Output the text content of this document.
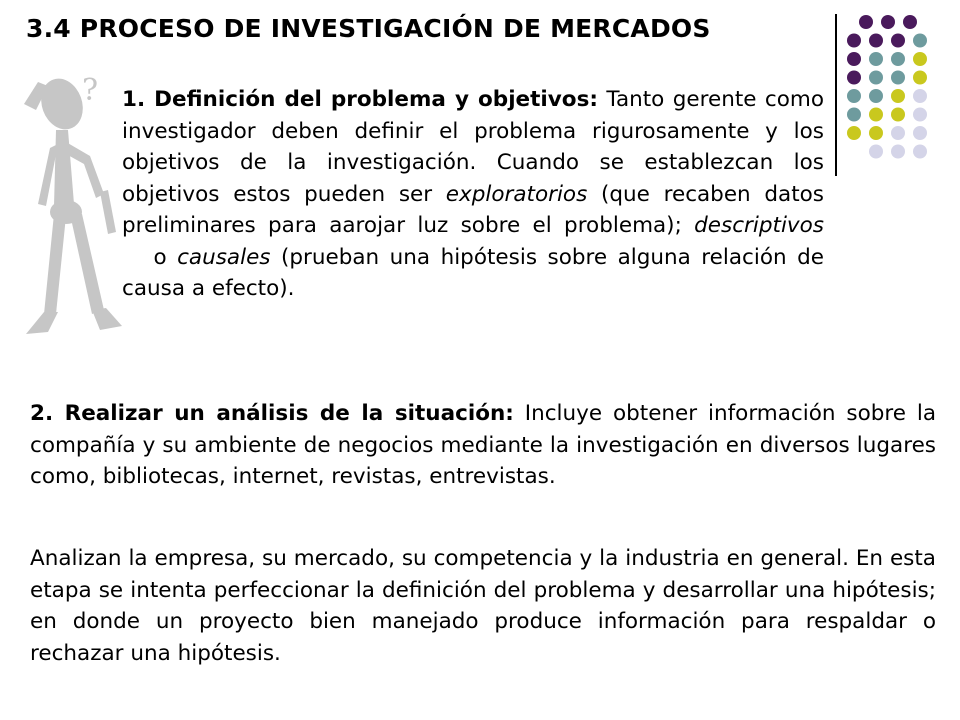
3.4 PROCESO DE INVESTIGACIÓN DE MERCADOS
? 1. Definición del problema y objetivos: Tanto gerente como investigador deben definir el problema rigurosamente y los objetivos de la investigación. Cuando se establezcan los objetivos estos pueden ser exploratorios (que recaben datos preliminares para aarojar luz sobre el problema); descriptivos   o causales (prueban una hipótesis sobre alguna relación de causa a efecto).

2. Realizar un análisis de la situación: Incluye obtener información sobre la compañía y su ambiente de negocios mediante la investigación en diversos lugares como, bibliotecas, internet, revistas, entrevistas.

Analizan la empresa, su mercado, su competencia y la industria en general. En esta etapa se intenta perfeccionar la definición del problema y desarrollar una hipótesis; en donde un proyecto bien manejado produce información para respaldar o rechazar una hipótesis.
